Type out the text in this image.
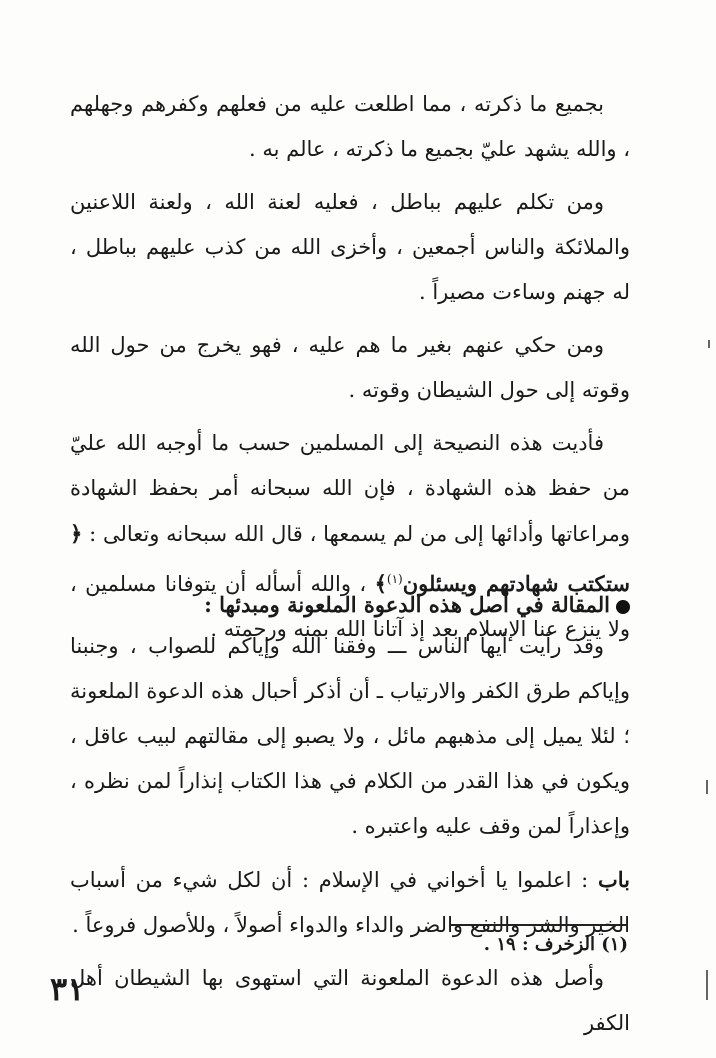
بجميع ما ذكرته ، مما اطلعت عليه من فعلهم وكفرهم وجهلهم ، والله يشهد عليّ بجميع ما ذكرته ، عالم به .

ومن تكلم عليهم بباطل ، فعليه لعنة الله ، ولعنة اللاعنين والملائكة والناس أجمعين ، وأخزى الله من كذب عليهم بباطل ، له جهنم وساءت مصيراً .

ومن حكي عنهم بغير ما هم عليه ، فهو يخرج من حول الله وقوته إلى حول الشيطان وقوته .

فأديت هذه النصيحة إلى المسلمين حسب ما أوجبه الله عليّ من حفظ هذه الشهادة ، فإن الله سبحانه أمر بحفظ الشهادة ومراعاتها وأدائها إلى من لم يسمعها ، قال الله سبحانه وتعالى : ﴿ ستكتب شهادتهم ويسئلون$^{(١)}$﴾ ، والله أسأله أن يتوفانا مسلمين ، ولا ينزع عنا الإسلام بعد إذ آتانا الله بمنه ورحمته .

المقالة في أصل هذه الدعوة الملعونة ومبدئها :

وقد رأيت أيها الناس ـــ وفقنا الله وإياكم للصواب ، وجنبنا وإياكم طرق الكفر والارتياب ـ أن أذكر أحبال هذه الدعوة الملعونة ؛ لئلا يميل إلى مذهبهم مائل ، ولا يصبو إلى مقالتهم لبيب عاقل ، ويكون في هذا القدر من الكلام في هذا الكتاب إنذاراً لمن نظره ، وإعذاراً لمن وقف عليه واعتبره .

باب : اعلموا يا أخواني في الإسلام : أن لكل شيء من أسباب الخير والشر والنفع والضر والداء والدواء أصولاً ، وللأصول فروعاً .

وأصل هذه الدعوة الملعونة التي استهوى بها الشيطان أهل الكفر

(١) الزخرف : ١٩ .
٣١
